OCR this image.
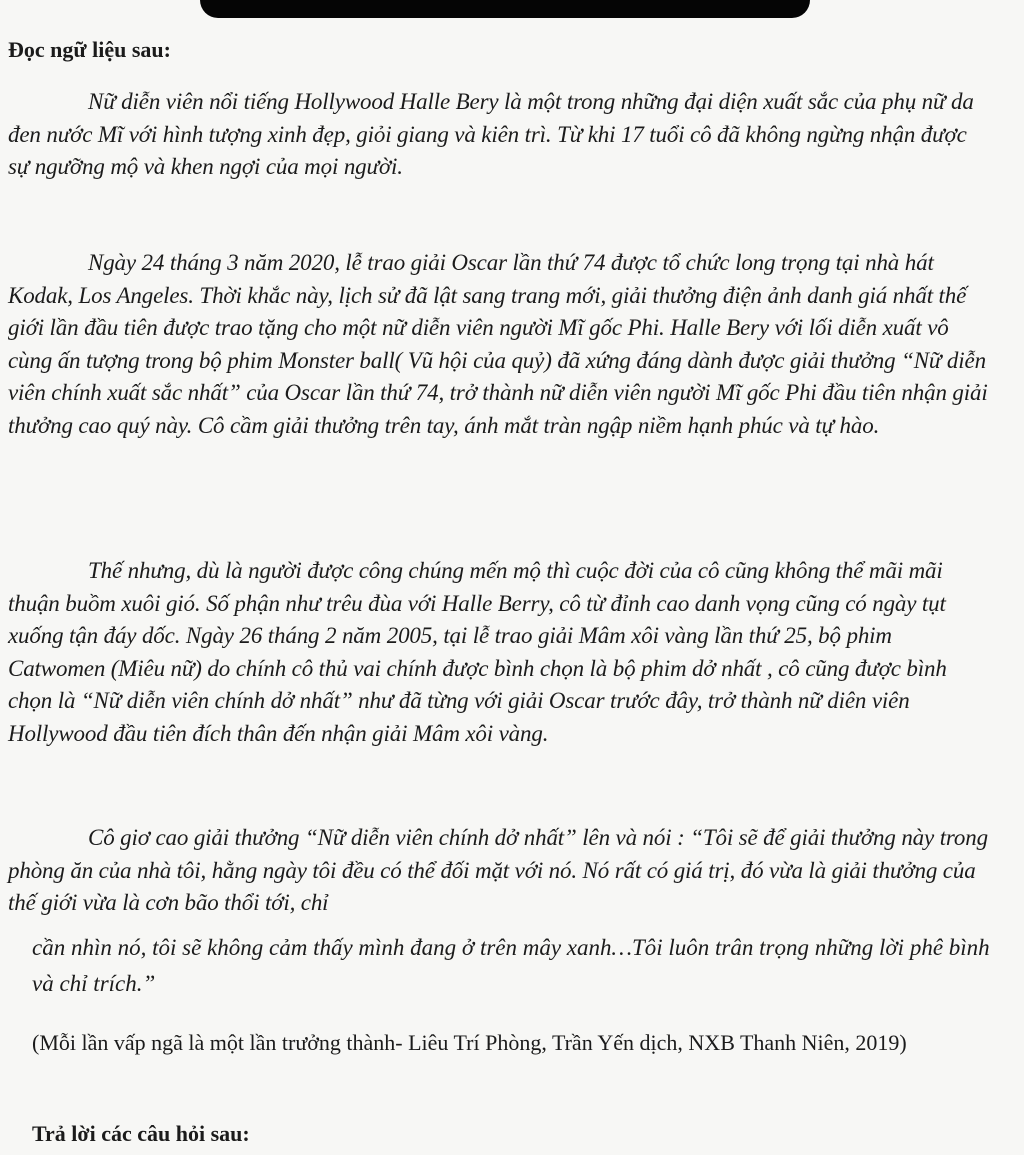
Đọc ngữ liệu sau:

Nữ diễn viên nổi tiếng Hollywood Halle Bery là một trong những đại diện xuất sắc của phụ nữ da đen nước Mĩ với hình tượng xinh đẹp, giỏi giang và kiên trì. Từ khi 17 tuổi cô đã không ngừng nhận được sự ngưỡng mộ và khen ngợi của mọi người.

Ngày 24 tháng 3 năm 2020, lễ trao giải Oscar lần thứ 74 được tổ chức long trọng tại nhà hát Kodak, Los Angeles. Thời khắc này, lịch sử đã lật sang trang mới, giải thưởng điện ảnh danh giá nhất thế giới lần đầu tiên được trao tặng cho một nữ diễn viên người Mĩ gốc Phi. Halle Bery với lối diễn xuất vô cùng ấn tượng trong bộ phim Monster ball( Vũ hội của quỷ) đã xứng đáng dành được giải thưởng “Nữ diễn viên chính xuất sắc nhất” của Oscar lần thứ 74, trở thành nữ diễn viên người Mĩ gốc Phi đầu tiên nhận giải thưởng cao quý này. Cô cầm giải thưởng trên tay, ánh mắt tràn ngập niềm hạnh phúc và tự hào.

Thế nhưng, dù là người được công chúng mến mộ thì cuộc đời của cô cũng không thể mãi mãi thuận buồm xuôi gió. Số phận như trêu đùa với Halle Berry, cô từ đỉnh cao danh vọng cũng có ngày tụt xuống tận đáy dốc. Ngày 26 tháng 2 năm 2005, tại lễ trao giải Mâm xôi vàng lần thứ 25, bộ phim Catwomen (Miêu nữ) do chính cô thủ vai chính được bình chọn là bộ phim dở nhất , cô cũng được bình chọn là “Nữ diễn viên chính dở nhất” như đã từng với giải Oscar trước đây, trở thành nữ diên viên Hollywood đầu tiên đích thân đến nhận giải Mâm xôi vàng.

Cô giơ cao giải thưởng “Nữ diễn viên chính dở nhất” lên và nói : “Tôi sẽ để giải thưởng này trong phòng ăn của nhà tôi, hằng ngày tôi đều có thể đối mặt với nó. Nó rất có giá trị, đó vừa là giải thưởng của thế giới vừa là cơn bão thổi tới, chỉ

cần nhìn nó, tôi sẽ không cảm thấy mình đang ở trên mây xanh…Tôi luôn trân trọng những lời phê bình và chỉ trích.”

(Mỗi lần vấp ngã là một lần trưởng thành- Liêu Trí Phòng, Trần Yến dịch, NXB Thanh Niên, 2019)

Trả lời các câu hỏi sau:
